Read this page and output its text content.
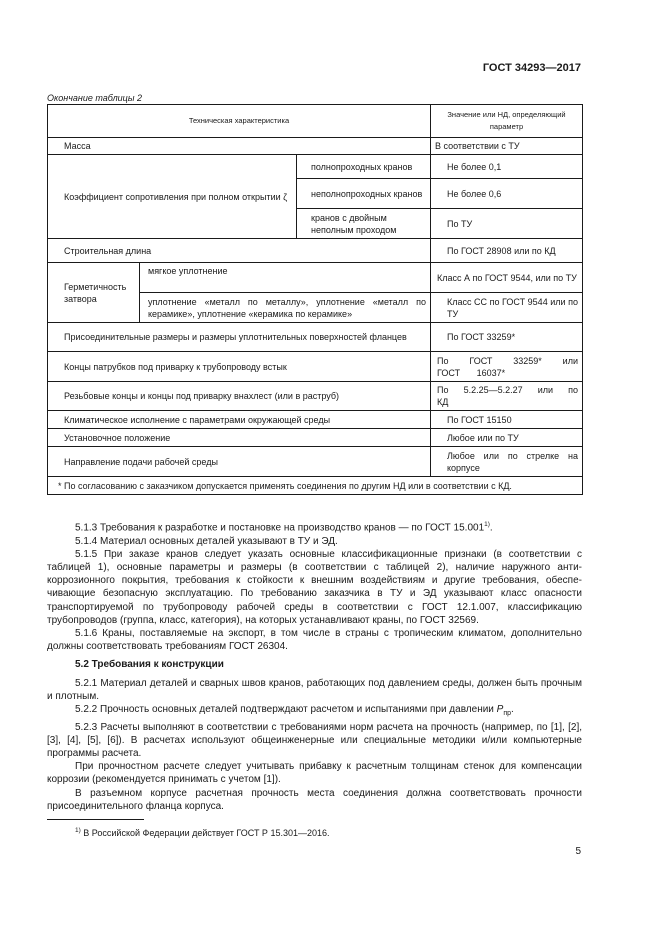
ГОСТ 34293—2017
Окончание таблицы 2
Техническая характеристика			Значение или НД, определяющий параметр
Масса			В соответствии с ТУ
Коэффициент сопротивления при полном открытии ζ		полнопроходных кранов	Не более 0,1
		неполнопроходных кранов	Не более 0,6
		кранов с двойным неполным проходом	По ТУ
Строительная длина			По ГОСТ 28908 или по КД
Герметичность затвора	мягкое уплотнение		Класс А по ГОСТ 9544, или по ТУ
	уплотнение «металл по металлу», уплотнение «металл по керамике», уплотнение «керамика по керамике»		Класс СС по ГОСТ 9544 или по ТУ
Присоединительные размеры и размеры уплотнительных поверхностей фланцев			По ГОСТ 33259*
Концы патрубков под приварку к трубопроводу встык			По ГОСТ 33259* или ГОСТ 16037*
Резьбовые концы и концы под приварку внахлест (или в раструб)			По 5.2.25—5.2.27 или по КД
Климатическое исполнение с параметрами окружающей среды			По ГОСТ 15150
Установочное положение			Любое или по ТУ
Направление подачи рабочей среды			Любое или по стрелке на корпусе
* По согласованию с заказчиком допускается применять соединения по другим НД или в соответствии с КД.			

5.1.3 Требования к разработке и постановке на производство кранов — по ГОСТ 15.001$^{1)}$.

5.1.4 Материал основных деталей указывают в ТУ и ЭД.

5.1.5 При заказе кранов следует указать основные классификационные признаки (в соответствии с таблицей 1), основные параметры и размеры (в соответствии с таблицей 2), наличие наружного антикоррозионного покрытия, требования к стойкости к внешним воздействиям и другие требования, обеспечивающие безопасную эксплуатацию. По требованию заказчика в ТУ и ЭД указывают класс опасности транспортируемой по трубопроводу рабочей среды в соответствии с ГОСТ 12.1.007, классификацию трубопроводов (группа, класс, категория), на которых устанавливают краны, по ГОСТ 32569.

5.1.6 Краны, поставляемые на экспорт, в том числе в страны с тропическим климатом, дополнительно должны соответствовать требованиям ГОСТ 26304.

5.2 Требования к конструкции

5.2.1 Материал деталей и сварных швов кранов, работающих под давлением среды, должен быть прочным и плотным.

5.2.2 Прочность основных деталей подтверждают расчетом и испытаниями при давлении $P_{пр}$.

5.2.3 Расчеты выполняют в соответствии с требованиями норм расчета на прочность (например, по [1], [2], [3], [4], [5], [6]). В расчетах используют общеинженерные или специальные методики и/или компьютерные программы расчета.

При прочностном расчете следует учитывать прибавку к расчетным толщинам стенок для компенсации коррозии (рекомендуется принимать с учетом [1]).

В разъемном корпусе расчетная прочность места соединения должна соответствовать прочности присоединительного фланца корпуса.

$^{1)}$ В Российской Федерации действует ГОСТ Р 15.301—2016.
5
